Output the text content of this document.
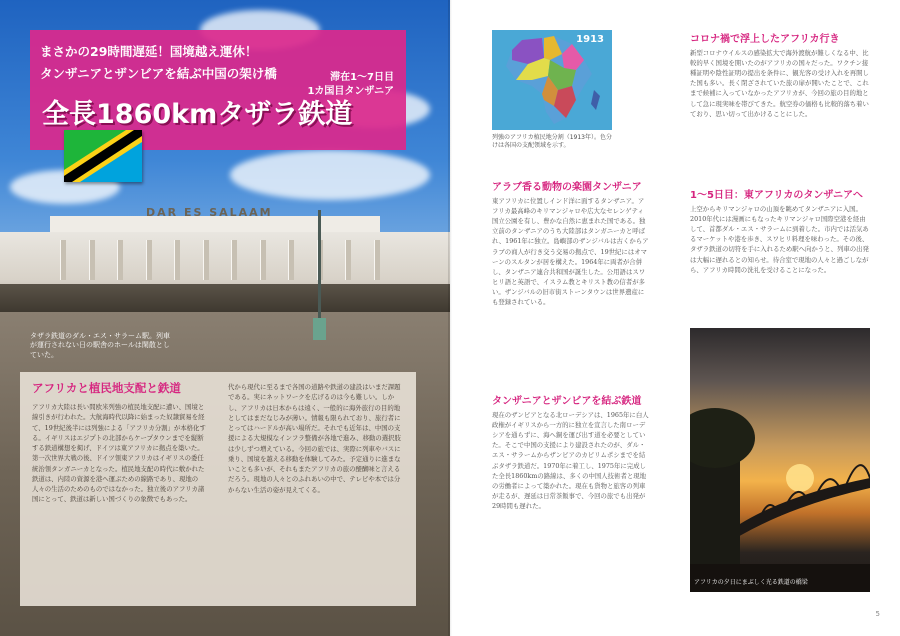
DAR ES SALAAM
まさかの29時間遅延！国境越え運休！
タンザニアとザンビアを結ぶ中国の架け橋	滞在1〜7日目
1カ国目タンザニア
全長1860kmタザラ鉄道
タザラ鉄道のダル・エス・サラーム駅。列車が運行されない日の駅舎のホールは閑散としていた。
アフリカと植民地支配と鉄道
アフリカ大陸は長い間欧米列強の植民地支配に遭い、国境と線引きが行われた。大航海時代以降に始まった奴隷貿易を経て、19世紀後半には列強による「アフリカ分割」が本格化する。イギリスはエジプトの北部からケープタウンまでを縦断する鉄道構想を掲げ、ドイツは東アフリカに拠点を築いた。第一次世界大戦の後、ドイツ領東アフリカはイギリスの委任統治領タンガニーカとなった。植民地支配の時代に敷かれた鉄道は、内陸の資源を港へ運ぶための線路であり、現地の人々の生活のためのものではなかった。独立後のアフリカ諸国にとって、鉄道は新しい国づくりの象徴でもあった。
代から現代に至るまで各国の道路や鉄道の建設はいまだ課題である。実にネットワークを広げるのは今も難しい。しかし、アフリカは日本からは遠く、一般的に海外旅行の目的地としてはまだなじみが薄い。情報も限られており、旅行者にとってはハードルが高い場所だ。それでも近年は、中国の支援による大規模なインフラ整備が各地で進み、移動の選択肢は少しずつ増えている。今回の旅では、実際に列車やバスに乗り、国境を越える移動を体験してみた。予定通りに進まないことも多いが、それもまたアフリカの旅の醍醐味と言えるだろう。現地の人々とのふれあいの中で、テレビや本では分からない生活の姿が見えてくる。
1913
列強のアフリカ植民地分割（1913年）。色分けは各国の支配領域を示す。
アラブ香る動物の楽園タンザニア
東アフリカに位置しインド洋に面するタンザニア。アフリカ最高峰のキリマンジャロや広大なセレンゲティ国立公園を有し、豊かな自然に恵まれた国である。独立前のタンザニアのうち大陸部はタンガニーカと呼ばれ、1961年に独立。島嶼部のザンジバルは古くからアラブの商人が行き交う交易の拠点で、19世紀にはオマーンのスルタンが居を構えた。1964年に両者が合併し、タンザニア連合共和国が誕生した。公用語はスワヒリ語と英語で、イスラム教とキリスト教の信者が多い。ザンジバルの旧市街ストーンタウンは世界遺産にも登録されている。
タンザニアとザンビアを結ぶ鉄道
現在のザンビアとなる北ローデシアは、1965年に白人政権がイギリスから一方的に独立を宣言した南ローデシアを通らずに、海へ銅を運び出す道を必要としていた。そこで中国の支援により建設されたのが、ダル・エス・サラームからザンビアのカピリムポシまでを結ぶタザラ鉄道だ。1970年に着工し、1975年に完成した全長1860kmの路線は、多くの中国人技術者と現地の労働者によって築かれた。現在も貨物と旅客の列車が走るが、遅延は日常茶飯事で、今回の旅でも出発が29時間も遅れた。
コロナ禍で浮上したアフリカ行き
新型コロナウイルスの感染拡大で海外渡航が難しくなる中、比較的早く国境を開いたのがアフリカの国々だった。ワクチン接種証明や陰性証明の提出を条件に、観光客の受け入れを再開した国も多い。長く閉ざされていた旅の扉が開いたことで、これまで候補に入っていなかったアフリカが、今回の旅の目的地として急に現実味を帯びてきた。航空券の価格も比較的落ち着いており、思い切って出かけることにした。
1〜5日目：東アフリカのタンザニアへ
上空からキリマンジャロの山頂を眺めてタンザニアに入国。2010年代には漫画にもなったキリマンジャロ国際空港を経由して、首都ダル・エス・サラームに到着した。市内では活気あるマーケットや港を歩き、スワヒリ料理を味わった。その後、タザラ鉄道の切符を手に入れるため駅へ向かうと、列車の出発は大幅に遅れるとの知らせ。待合室で現地の人々と過ごしながら、アフリカ時間の洗礼を受けることになった。
アフリカの夕日にまぶしく光る鉄道の橋梁
5
